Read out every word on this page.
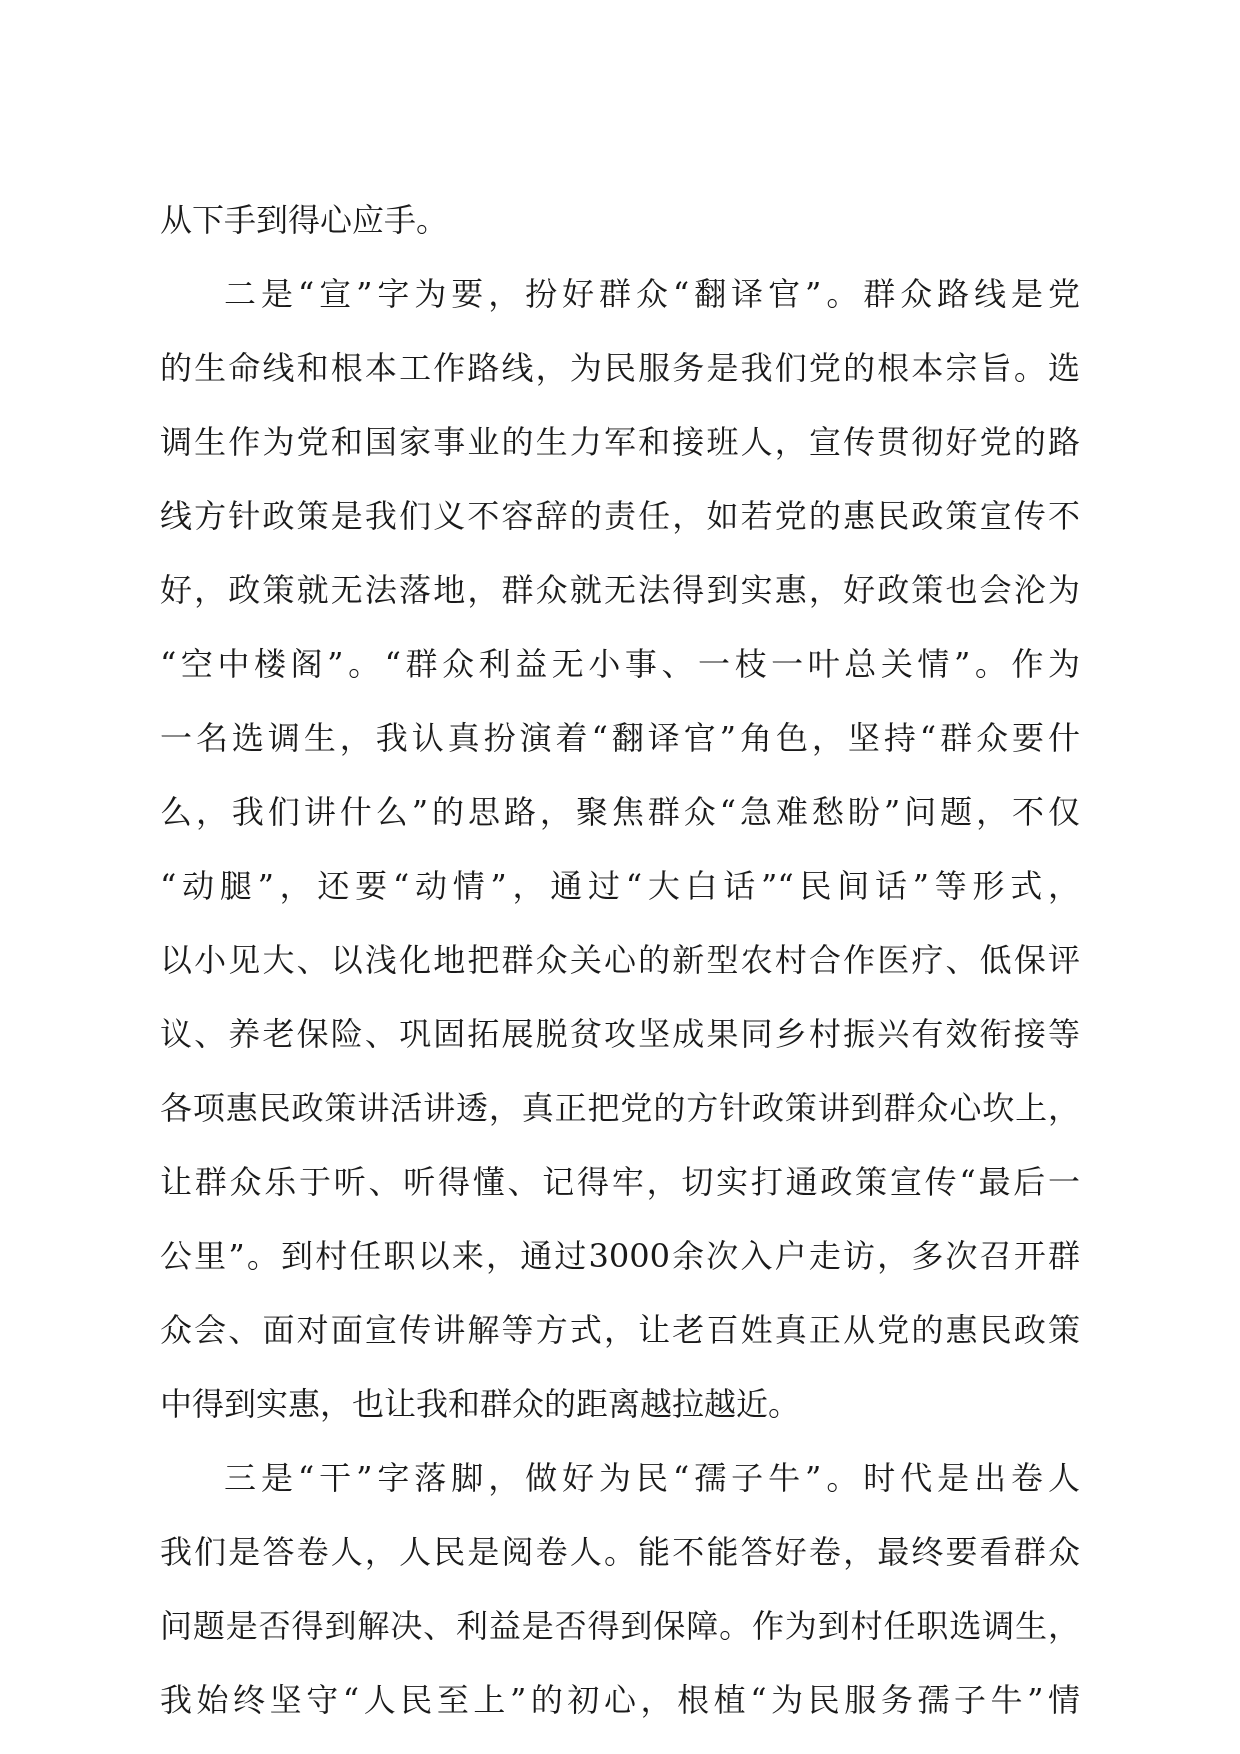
从下手到得心应手。
二是“宣”字为要，扮好群众“翻译官”。群众路线是党
的生命线和根本工作路线，为民服务是我们党的根本宗旨。选
调生作为党和国家事业的生力军和接班人，宣传贯彻好党的路
线方针政策是我们义不容辞的责任，如若党的惠民政策宣传不
好，政策就无法落地，群众就无法得到实惠，好政策也会沦为
“空中楼阁”。“群众利益无小事、一枝一叶总关情”。作为
一名选调生，我认真扮演着“翻译官”角色，坚持“群众要什
么，我们讲什么”的思路，聚焦群众“急难愁盼”问题，不仅
“动腿”，还要“动情”，通过“大白话”“民间话”等形式，
以小见大、以浅化地把群众关心的新型农村合作医疗、低保评
议、养老保险、巩固拓展脱贫攻坚成果同乡村振兴有效衔接等
各项惠民政策讲活讲透，真正把党的方针政策讲到群众心坎上，
让群众乐于听、听得懂、记得牢，切实打通政策宣传“最后一
公里”。到村任职以来，通过3000余次入户走访，多次召开群
众会、面对面宣传讲解等方式，让老百姓真正从党的惠民政策
中得到实惠，也让我和群众的距离越拉越近。
三是“干”字落脚，做好为民“孺子牛”。时代是出卷人
我们是答卷人，人民是阅卷人。能不能答好卷，最终要看群众
问题是否得到解决、利益是否得到保障。作为到村任职选调生，
我始终坚守“人民至上”的初心，根植“为民服务孺子牛”情
